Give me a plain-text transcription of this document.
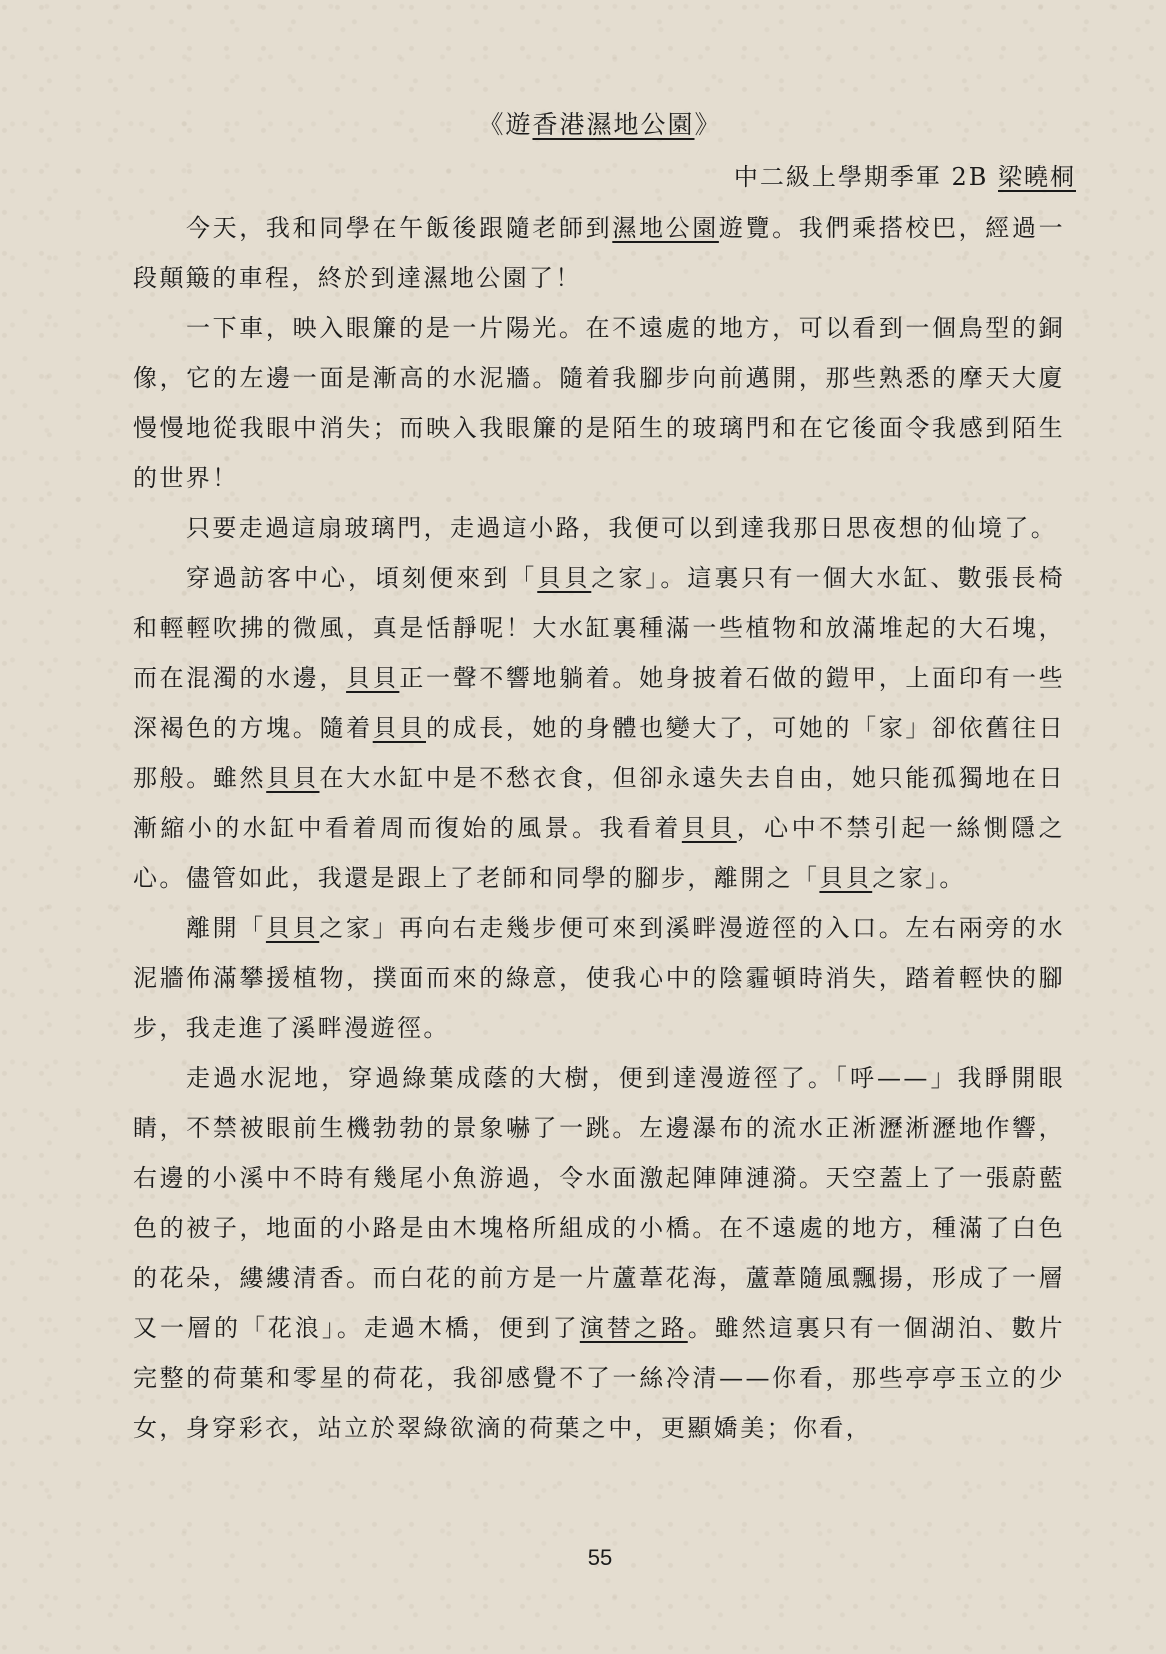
《遊香港濕地公園》
中二級上學期季軍 2B 梁曉桐

今天，我和同學在午飯後跟隨老師到濕地公園遊覽。我們乘搭校巴，經過一段顛簸的車程，終於到達濕地公園了！

一下車，映入眼簾的是一片陽光。在不遠處的地方，可以看到一個鳥型的銅像，它的左邊一面是漸高的水泥牆。隨着我腳步向前邁開，那些熟悉的摩天大廈慢慢地從我眼中消失；而映入我眼簾的是陌生的玻璃門和在它後面令我感到陌生的世界！

只要走過這扇玻璃門，走過這小路，我便可以到達我那日思夜想的仙境了。

穿過訪客中心，頃刻便來到「貝貝之家」。這裏只有一個大水缸、數張長椅和輕輕吹拂的微風，真是恬靜呢！大水缸裏種滿一些植物和放滿堆起的大石塊，而在混濁的水邊，貝貝正一聲不響地躺着。她身披着石做的鎧甲，上面印有一些深褐色的方塊。隨着貝貝的成長，她的身體也變大了，可她的「家」卻依舊往日那般。雖然貝貝在大水缸中是不愁衣食，但卻永遠失去自由，她只能孤獨地在日漸縮小的水缸中看着周而復始的風景。我看着貝貝，心中不禁引起一絲惻隱之心。儘管如此，我還是跟上了老師和同學的腳步，離開之「貝貝之家」。

離開「貝貝之家」再向右走幾步便可來到溪畔漫遊徑的入口。左右兩旁的水泥牆佈滿攀援植物，撲面而來的綠意，使我心中的陰霾頓時消失，踏着輕快的腳步，我走進了溪畔漫遊徑。

走過水泥地，穿過綠葉成蔭的大樹，便到達漫遊徑了。「呼——」我睜開眼睛，不禁被眼前生機勃勃的景象嚇了一跳。左邊瀑布的流水正淅瀝淅瀝地作響，右邊的小溪中不時有幾尾小魚游過，令水面激起陣陣漣漪。天空蓋上了一張蔚藍色的被子，地面的小路是由木塊格所組成的小橋。在不遠處的地方，種滿了白色的花朵，縷縷清香。而白花的前方是一片蘆葦花海，蘆葦隨風飄揚，形成了一層又一層的「花浪」。走過木橋，便到了演替之路。雖然這裏只有一個湖泊、數片完整的荷葉和零星的荷花，我卻感覺不了一絲冷清——你看，那些亭亭玉立的少女，身穿彩衣，站立於翠綠欲滴的荷葉之中，更顯嬌美；你看，

55
